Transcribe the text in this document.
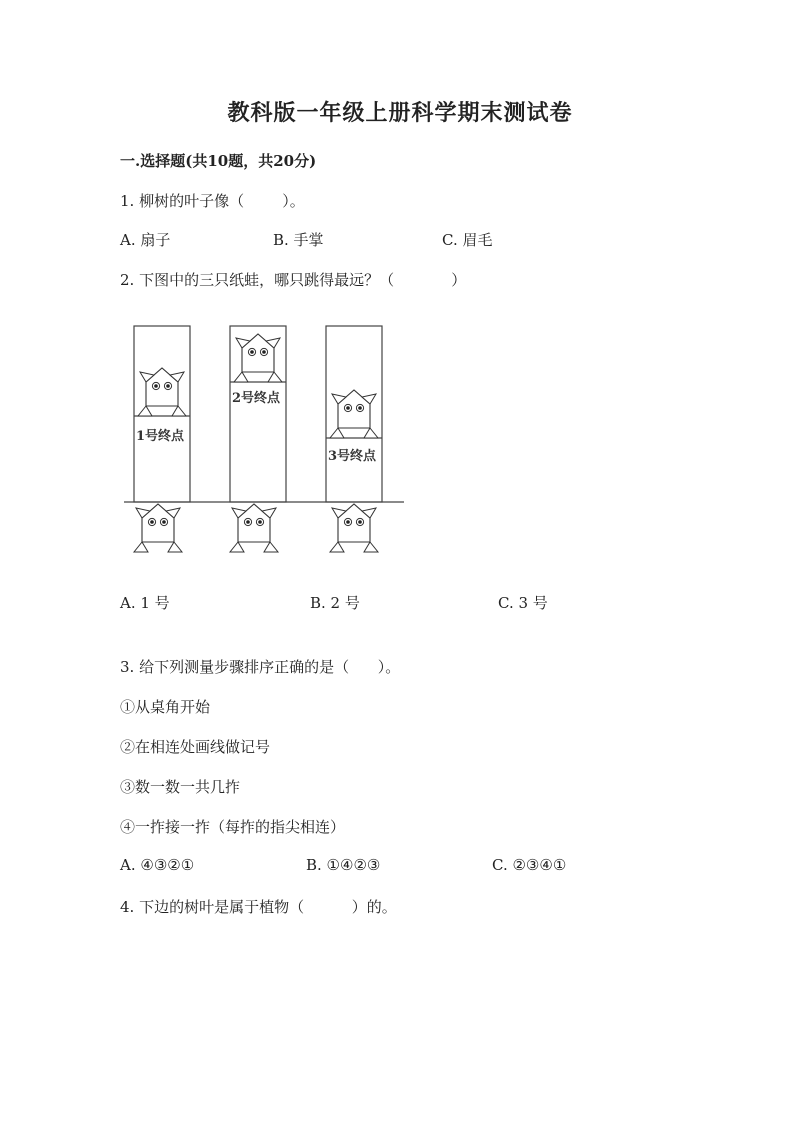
教科版一年级上册科学期末测试卷
一.选择题(共10题，共20分)
1. 柳树的叶子像（        ）。
A. 扇子	B. 手掌	C. 眉毛
2. 下图中的三只纸蛙，哪只跳得最远？（            ）
1号终点
2号终点
3号终点
A. 1 号	B. 2 号	C. 3 号
3. 给下列测量步骤排序正确的是（      ）。
①从桌角开始
②在相连处画线做记号
③数一数一共几拃
④一拃接一拃（每拃的指尖相连）
A. ④③②①	B. ①④②③	C. ②③④①
4. 下边的树叶是属于植物（          ）的。
